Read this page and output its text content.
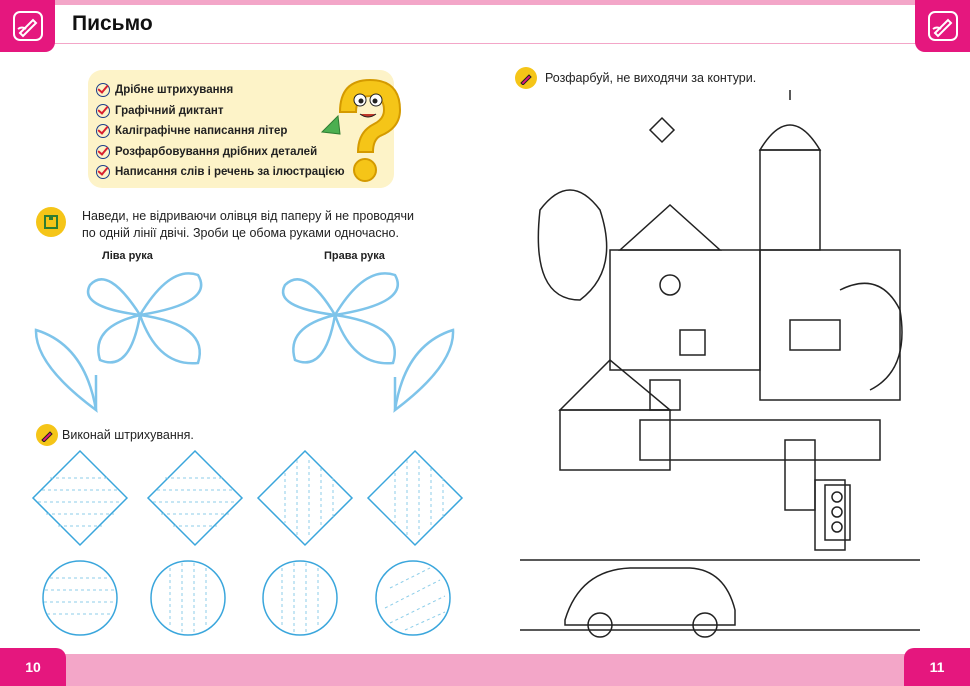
Письмо
Дрібне штрихування
Графічний диктант
Каліграфічне написання літер
Розфарбовування дрібних деталей
Написання слів і речень за ілюстрацією
Наведи, не відриваючи олівця від паперу й не проводячи по одній лінії двічі. Зроби це обома руками одночасно.
Ліва рука	Права рука
Виконай штрихування.
Розфарбуй, не виходячи за контури.
10	11
